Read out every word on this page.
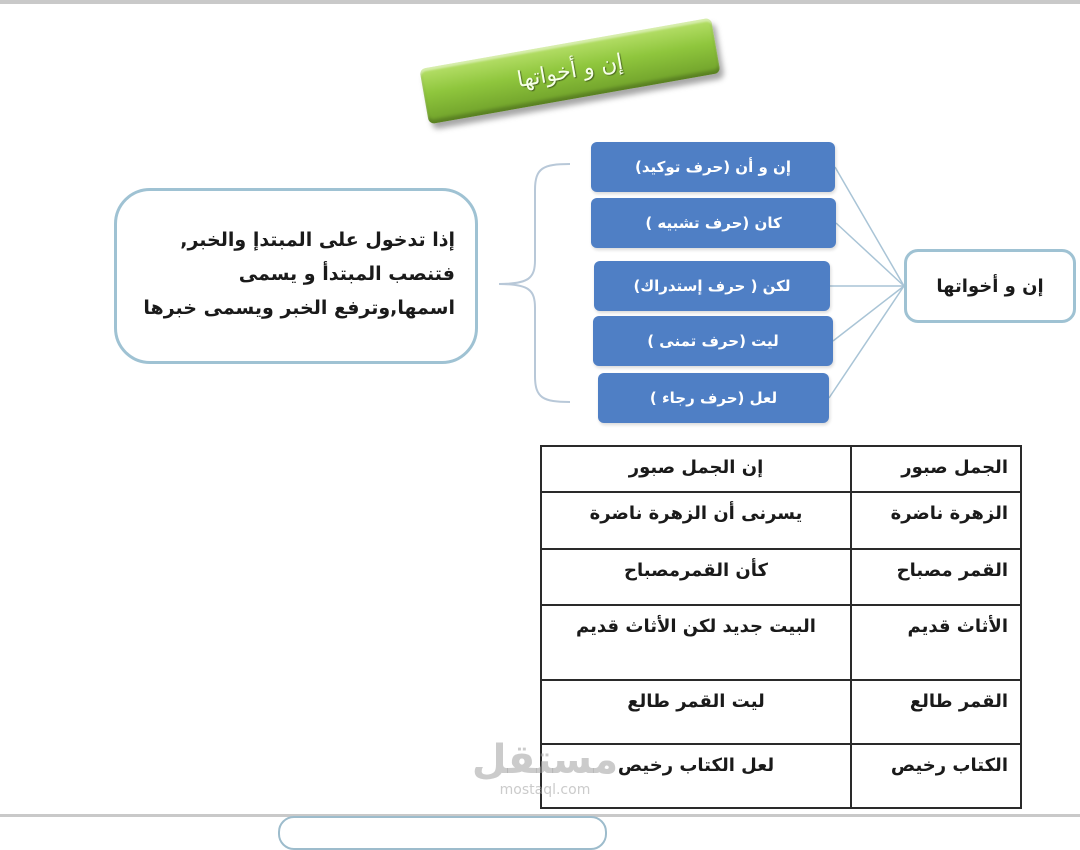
إن و أخواتها
إذا تدخول على المبتدإ والخبر,
فتنصب المبتدأ و يسمى
اسمها,وترفع الخبر ويسمى خبرها
إن و أن (حرف توكيد)
كان (حرف تشبيه )
لكن ( حرف إستدراك)
ليت (حرف تمنى )
لعل (حرف رجاء )
إن و أخواتها
الجمل صبور	إن الجمل صبور
الزهرة ناضرة	يسرنى أن الزهرة ناضرة
القمر مصباح	كأن القمرمصباح
الأثاث قديم	البيت جديد لكن الأثاث قديم
القمر طالع	ليت القمر طالع
الكتاب رخيص	لعل الكتاب رخيص
مستقل
mostaql.com
